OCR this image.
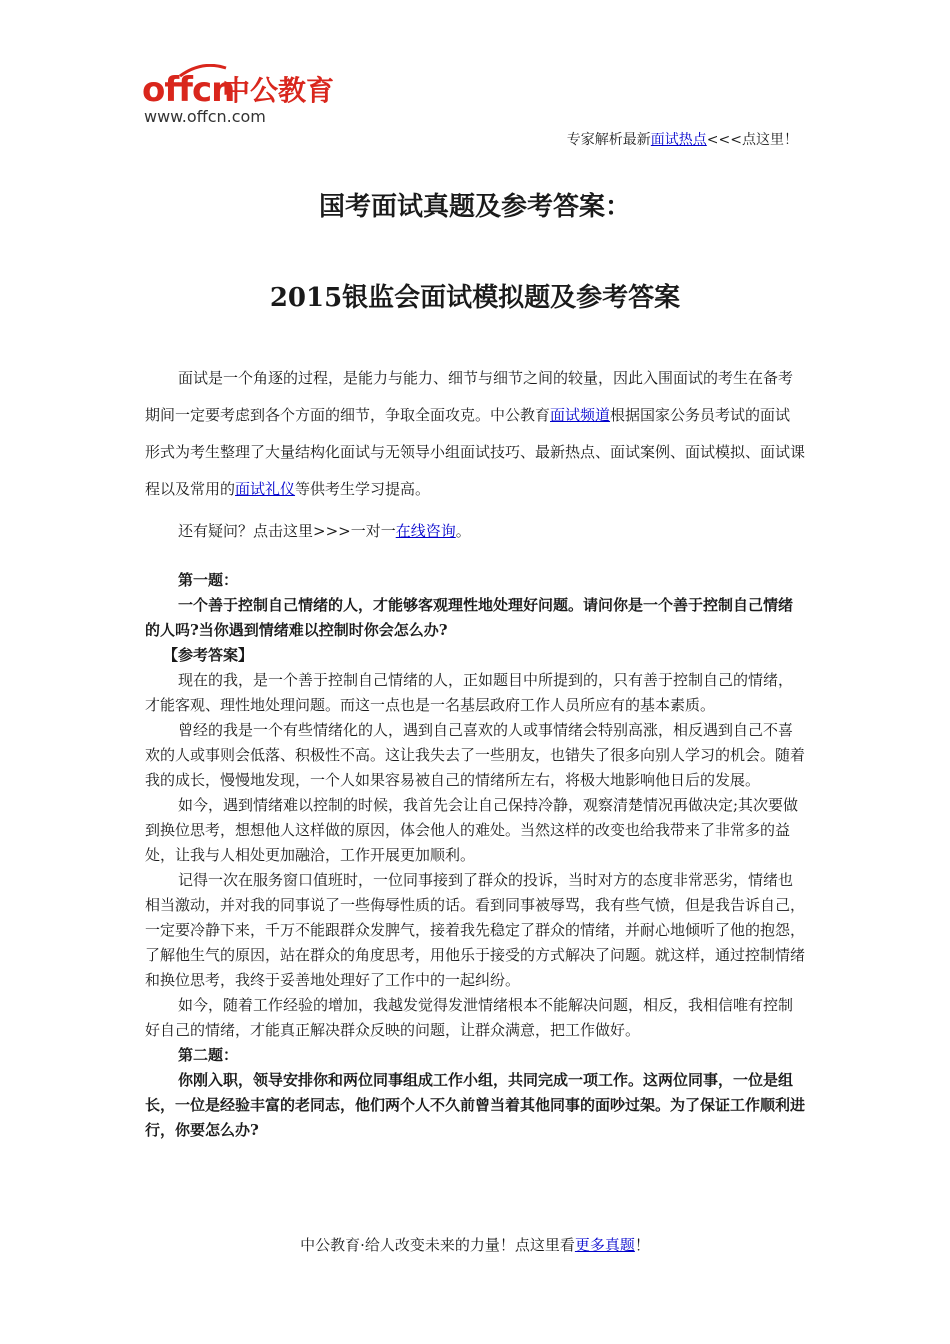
offcn
中公教育
www.offcn.com
专家解析最新面试热点<<<点这里！
国考面试真题及参考答案：
2015银监会面试模拟题及参考答案

面试是一个角逐的过程，是能力与能力、细节与细节之间的较量，因此入围面试的考生在备考期间一定要考虑到各个方面的细节，争取全面攻克。中公教育面试频道根据国家公务员考试的面试形式为考生整理了大量结构化面试与无领导小组面试技巧、最新热点、面试案例、面试模拟、面试课程以及常用的面试礼仪等供考生学习提高。

还有疑问？点击这里>>>一对一在线咨询。

第一题：

一个善于控制自己情绪的人，才能够客观理性地处理好问题。请问你是一个善于控制自己情绪的人吗?当你遇到情绪难以控制时你会怎么办?

【参考答案】

现在的我，是一个善于控制自己情绪的人，正如题目中所提到的，只有善于控制自己的情绪，才能客观、理性地处理问题。而这一点也是一名基层政府工作人员所应有的基本素质。

曾经的我是一个有些情绪化的人，遇到自己喜欢的人或事情绪会特别高涨，相反遇到自己不喜欢的人或事则会低落、积极性不高。这让我失去了一些朋友，也错失了很多向别人学习的机会。随着我的成长，慢慢地发现，一个人如果容易被自己的情绪所左右，将极大地影响他日后的发展。

如今，遇到情绪难以控制的时候，我首先会让自己保持冷静，观察清楚情况再做决定;其次要做到换位思考，想想他人这样做的原因，体会他人的难处。当然这样的改变也给我带来了非常多的益处，让我与人相处更加融洽，工作开展更加顺利。

记得一次在服务窗口值班时，一位同事接到了群众的投诉，当时对方的态度非常恶劣，情绪也相当激动，并对我的同事说了一些侮辱性质的话。看到同事被辱骂，我有些气愤，但是我告诉自己，一定要冷静下来，千万不能跟群众发脾气，接着我先稳定了群众的情绪，并耐心地倾听了他的抱怨，了解他生气的原因，站在群众的角度思考，用他乐于接受的方式解决了问题。就这样，通过控制情绪和换位思考，我终于妥善地处理好了工作中的一起纠纷。

如今，随着工作经验的增加，我越发觉得发泄情绪根本不能解决问题，相反，我相信唯有控制好自己的情绪，才能真正解决群众反映的问题，让群众满意，把工作做好。

第二题：

你刚入职，领导安排你和两位同事组成工作小组，共同完成一项工作。这两位同事，一位是组长，一位是经验丰富的老同志，他们两个人不久前曾当着其他同事的面吵过架。为了保证工作顺利进行，你要怎么办?

中公教育·给人改变未来的力量！点这里看更多真题！
